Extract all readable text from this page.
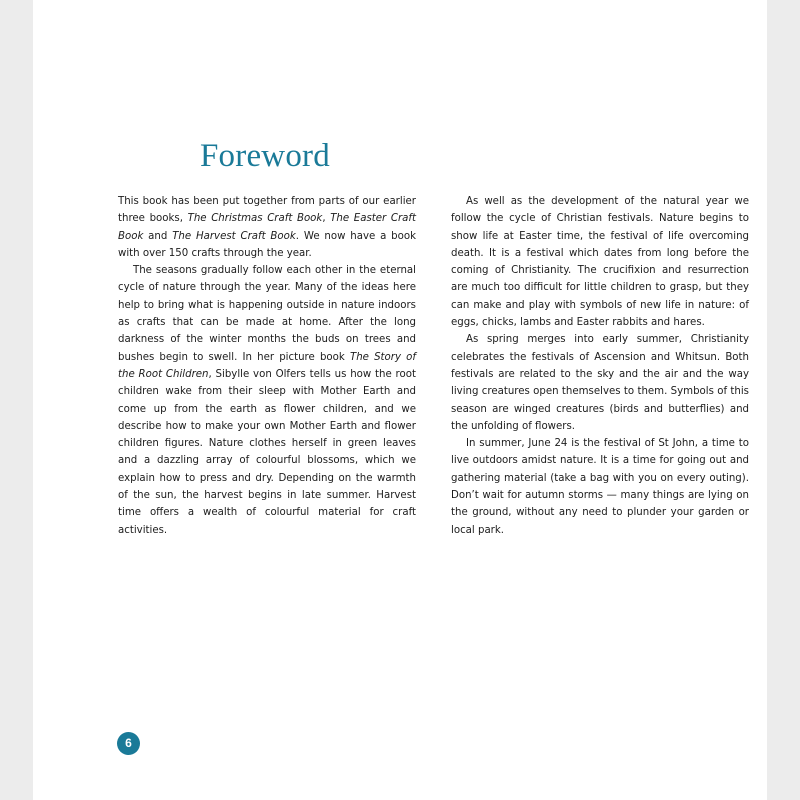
Foreword

This book has been put together from parts of our earlier three books, The Christmas Craft Book, The Easter Craft Book and The Harvest Craft Book. We now have a book with over 150 crafts through the year.

The seasons gradually follow each other in the eternal cycle of nature through the year. Many of the ideas here help to bring what is happening outside in nature indoors as crafts that can be made at home. After the long darkness of the winter months the buds on trees and bushes begin to swell. In her picture book The Story of the Root Children, Sibylle von Olfers tells us how the root children wake from their sleep with Mother Earth and come up from the earth as flower children, and we describe how to make your own Mother Earth and flower children figures. Nature clothes herself in green leaves and a dazzling array of colourful blossoms, which we explain how to press and dry. Depending on the warmth of the sun, the harvest begins in late summer. Harvest time offers a wealth of colourful material for craft activities.

As well as the development of the natural year we follow the cycle of Christian festivals. Nature begins to show life at Easter time, the festival of life overcoming death. It is a festival which dates from long before the coming of Christianity. The crucifixion and resurrection are much too difficult for little children to grasp, but they can make and play with symbols of new life in nature: of eggs, chicks, lambs and Easter rabbits and hares.

As spring merges into early summer, Christianity celebrates the festivals of Ascension and Whitsun. Both festivals are related to the sky and the air and the way living creatures open themselves to them. Symbols of this season are winged creatures (birds and butterflies) and the unfolding of flowers.

In summer, June 24 is the festival of St John, a time to live outdoors amidst nature. It is a time for going out and gathering material (take a bag with you on every outing). Don’t wait for autumn storms — many things are lying on the ground, without any need to plunder your garden or local park.

6
